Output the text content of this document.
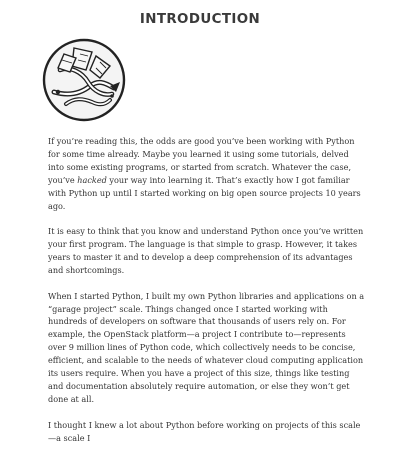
INTRODUCTION

If you’re reading this, the odds are good you’ve been working with Python for some time already. Maybe you learned it using some tutorials, delved into some existing programs, or started from scratch. Whatever the case, you’ve hacked your way into learning it. That’s exactly how I got familiar with Python up until I started working on big open source projects 10 years ago.

It is easy to think that you know and understand Python once you’ve written your first program. The language is that simple to grasp. However, it takes years to master it and to develop a deep comprehension of its advantages and shortcomings.

When I started Python, I built my own Python libraries and applications on a “garage project” scale. Things changed once I started working with hundreds of developers on software that thousands of users rely on. For example, the OpenStack platform—a project I contribute to—represents over 9 million lines of Python code, which collectively needs to be concise, efficient, and scalable to the needs of whatever cloud computing application its users require. When you have a project of this size, things like testing and documentation absolutely require automation, or else they won’t get done at all.

I thought I knew a lot about Python before working on projects of this scale—a scale I
